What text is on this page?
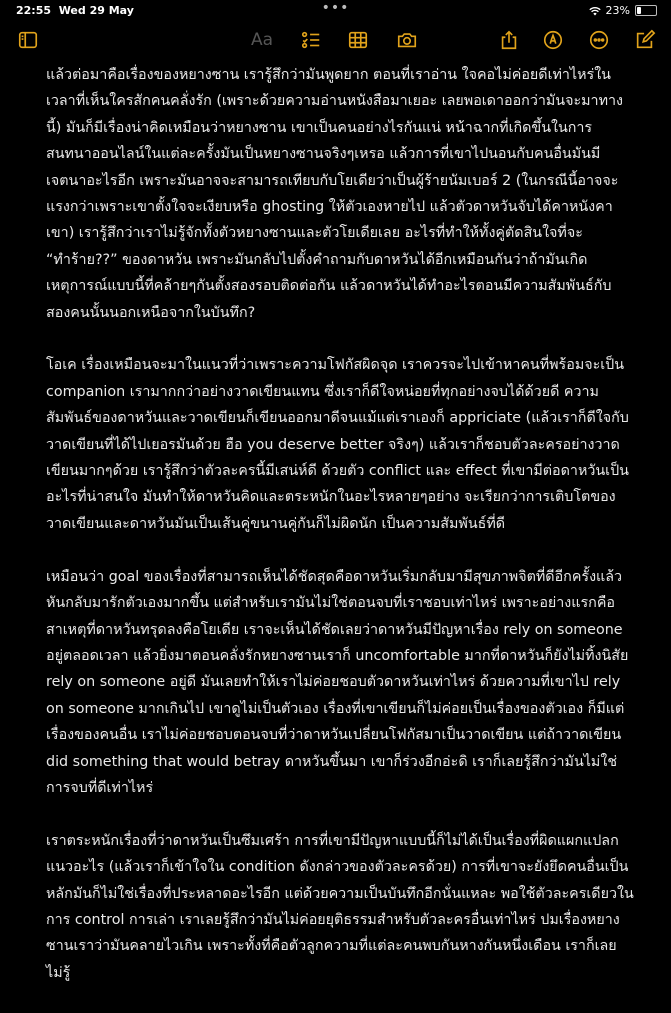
22:55 Wed 29 May	•••	23%
Aa

แล้วต่อมาคือเรื่องของหยางซาน เรารู้สึกว่ามันพูดยาก ตอนที่เราอ่าน ใจคอไม่ค่อยดีเท่าไหร่ในเวลาที่เห็นใครสักคนคลั่งรัก (เพราะด้วยความอ่านหนังสือมาเยอะ เลยพอเดาออกว่ามันจะมาทางนี้) มันก็มีเรื่องน่าคิดเหมือนว่าหยางซาน เขาเป็นคนอย่างไรกันแน่ หน้าฉากที่เกิดขึ้นในการสนทนาออนไลน์ในแต่ละครั้งมันเป็นหยางซานจริงๆเหรอ แล้วการที่เขาไปนอนกับคนอื่นมันมีเจตนาอะไรอีก เพราะมันอาจจะสามารถเทียบกับโยเดียว่าเป็นผู้ร้ายนัมเบอร์ 2 (ในกรณีนี้อาจจะแรงกว่าเพราะเขาตั้งใจจะเงียบหรือ ghosting ให้ตัวเองหายไป แล้วตัวดาหวันจับได้คาหนังคาเขา) เรารู้สึกว่าเราไม่รู้จักทั้งตัวหยางซานและตัวโยเดียเลย อะไรที่ทำให้ทั้งคู่ตัดสินใจที่จะ “ทำร้าย??” ของดาหวัน เพราะมันกลับไปตั้งคำถามกับดาหวันได้อีกเหมือนกันว่าถ้ามันเกิดเหตุการณ์แบบนี้ที่คล้ายๆกันตั้งสองรอบติดต่อกัน แล้วดาหวันได้ทำอะไรตอนมีความสัมพันธ์กับสองคนนั้นนอกเหนือจากในบันทึก?

โอเค เรื่องเหมือนจะมาในแนวที่ว่าเพราะความโฟกัสผิดจุด เราควรจะไปเข้าหาคนที่พร้อมจะเป็น companion เรามากกว่าอย่างวาดเขียนแทน ซึ่งเราก็ดีใจหน่อยที่ทุกอย่างจบได้ด้วยดี ความสัมพันธ์ของดาหวันและวาดเขียนก็เขียนออกมาดีจนแม้แต่เราเองก็ appriciate (แล้วเราก็ดีใจกับวาดเขียนที่ได้ไปเยอรมันด้วย ฮือ you deserve better จริงๆ) แล้วเราก็ชอบตัวละครอย่างวาดเขียนมากๆด้วย เรารู้สึกว่าตัวละครนี้มีเสน่ห์ดี ด้วยตัว conflict และ effect ที่เขามีต่อดาหวันเป็นอะไรที่น่าสนใจ มันทำให้ดาหวันคิดและตระหนักในอะไรหลายๆอย่าง จะเรียกว่าการเติบโตของวาดเขียนและดาหวันมันเป็นเส้นคู่ขนานคู่กันก็ไม่ผิดนัก เป็นความสัมพันธ์ที่ดี

เหมือนว่า goal ของเรื่องที่สามารถเห็นได้ชัดสุดคือดาหวันเริ่มกลับมามีสุขภาพจิตที่ดีอีกครั้งแล้วหันกลับมารักตัวเองมากขึ้น แต่สำหรับเรามันไม่ใช่ตอนจบที่เราชอบเท่าไหร่ เพราะอย่างแรกคือสาเหตุที่ดาหวันทรุดลงคือโยเดีย เราจะเห็นได้ชัดเลยว่าดาหวันมีปัญหาเรื่อง rely on someone อยู่ตลอดเวลา แล้วยิ่งมาตอนคลั่งรักหยางซานเราก็ uncomfortable มากที่ดาหวันก็ยังไม่ทิ้งนิสัย rely on someone อยู่ดี มันเลยทำให้เราไม่ค่อยชอบตัวดาหวันเท่าไหร่ ด้วยความที่เขาไป rely on someone มากเกินไป เขาดูไม่เป็นตัวเอง เรื่องที่เขาเขียนก็ไม่ค่อยเป็นเรื่องของตัวเอง ก็มีแต่เรื่องของคนอื่น เราไม่ค่อยชอบตอนจบที่ว่าดาหวันเปลี่ยนโฟกัสมาเป็นวาดเขียน แต่ถ้าวาดเขียน did something that would betray ดาหวันขึ้นมา เขาก็ร่วงอีกอ่ะดิ เราก็เลยรู้สึกว่ามันไม่ใช่การจบที่ดีเท่าไหร่

เราตระหนักเรื่องที่ว่าดาหวันเป็นซึมเศร้า การที่เขามีปัญหาแบบนี้ก็ไม่ได้เป็นเรื่องที่ผิดแผกแปลกแนวอะไร (แล้วเราก็เข้าใจใน condition ดังกล่าวของตัวละครด้วย) การที่เขาจะยังยึดคนอื่นเป็นหลักมันก็ไม่ใช่เรื่องที่ประหลาดอะไรอีก แต่ด้วยความเป็นบันทึกอีกนั่นแหละ พอใช้ตัวละครเดียวในการ control การเล่า เราเลยรู้สึกว่ามันไม่ค่อยยุติธรรมสำหรับตัวละครอื่นเท่าไหร่ ปมเรื่องหยางซานเราว่ามันคลายไวเกิน เพราะทั้งที่คือตัวลูกความที่แต่ละคนพบกันหางกันหนึ่งเดือน เราก็เลยไม่รู้
